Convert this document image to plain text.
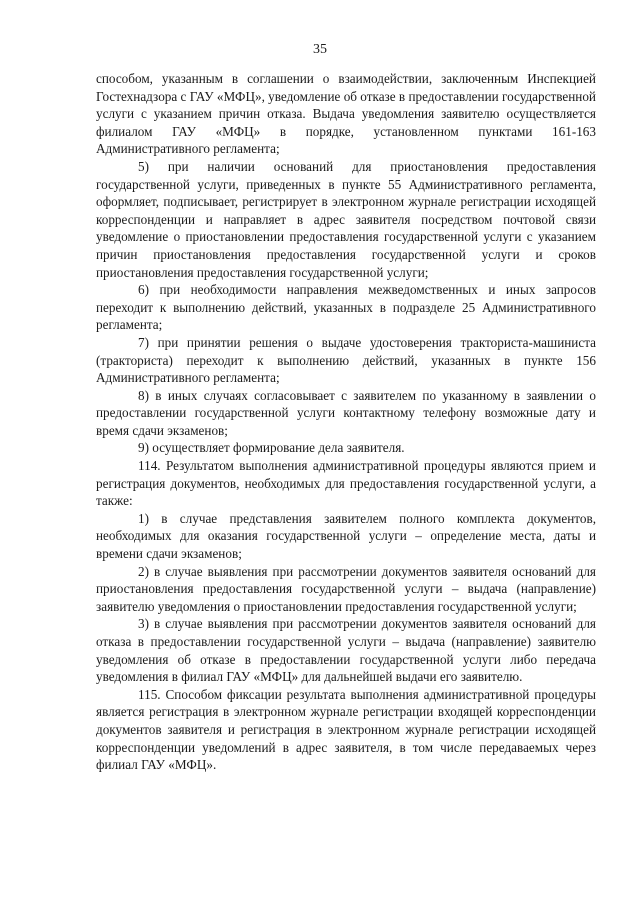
35

способом, указанным в соглашении о взаимодействии, заключенным Инспекцией Гостехнадзора с ГАУ «МФЦ», уведомление об отказе в предоставлении государственной услуги с указанием причин отказа. Выдача уведомления заявителю осуществляется филиалом ГАУ «МФЦ» в порядке, установленном пунктами 161-163 Административного регламента;

5) при наличии оснований для приостановления предоставления государственной услуги, приведенных в пункте 55 Административного регламента, оформляет, подписывает, регистрирует в электронном журнале регистрации исходящей корреспонденции и направляет в адрес заявителя посредством почтовой связи уведомление о приостановлении предоставления государственной услуги с указанием причин приостановления предоставления государственной услуги и сроков приостановления предоставления государственной услуги;

6) при необходимости направления межведомственных и иных запросов переходит к выполнению действий, указанных в подразделе 25 Административного регламента;

7) при принятии решения о выдаче удостоверения тракториста-машиниста (тракториста) переходит к выполнению действий, указанных в пункте 156 Административного регламента;

8) в иных случаях согласовывает с заявителем по указанному в заявлении о предоставлении государственной услуги контактному телефону возможные дату и время сдачи экзаменов;

9) осуществляет формирование дела заявителя.

114. Результатом выполнения административной процедуры являются прием и регистрация документов, необходимых для предоставления государственной услуги, а также:

1) в случае представления заявителем полного комплекта документов, необходимых для оказания государственной услуги – определение места, даты и времени сдачи экзаменов;

2) в случае выявления при рассмотрении документов заявителя оснований для приостановления предоставления государственной услуги – выдача (направление) заявителю уведомления о приостановлении предоставления государственной услуги;

3) в случае выявления при рассмотрении документов заявителя оснований для отказа в предоставлении государственной услуги – выдача (направление) заявителю уведомления об отказе в предоставлении государственной услуги либо передача уведомления в филиал ГАУ «МФЦ» для дальнейшей выдачи его заявителю.

115. Способом фиксации результата выполнения административной процедуры является регистрация в электронном журнале регистрации входящей корреспонденции документов заявителя и регистрация в электронном журнале регистрации исходящей корреспонденции уведомлений в адрес заявителя, в том числе передаваемых через филиал ГАУ «МФЦ».
